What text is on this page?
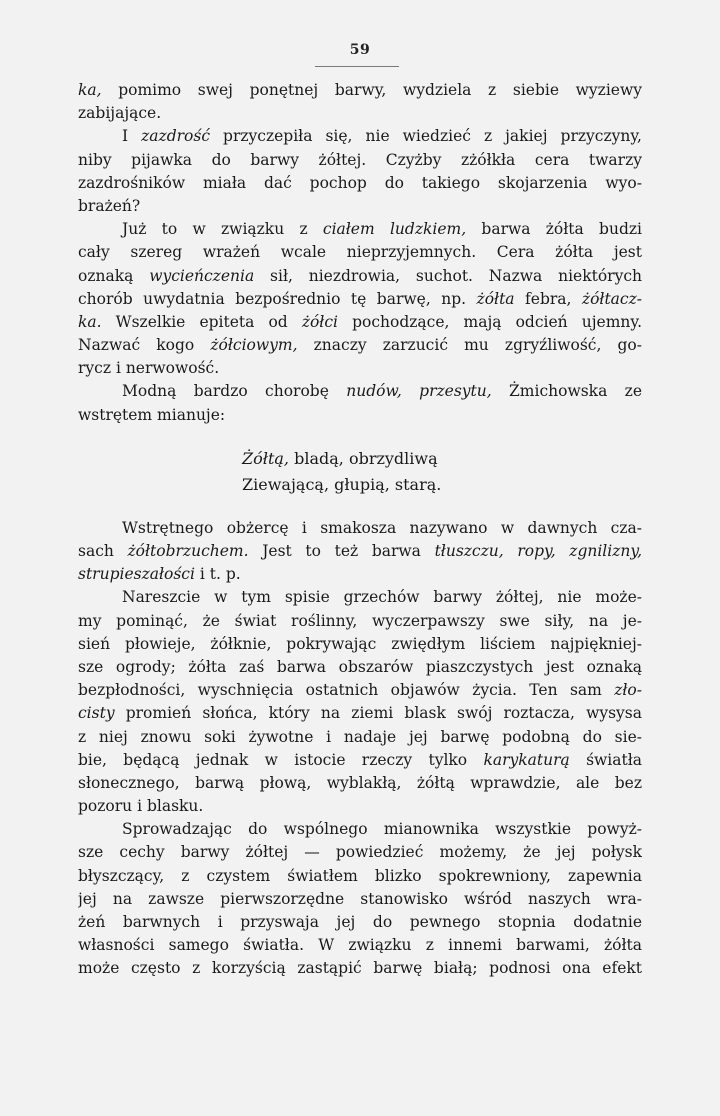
59
ka, pomimo swej ponętnej barwy, wydziela z siebie wyziewy
zabijające.
I zazdrość przyczepiła się, nie wiedzieć z jakiej przyczyny,
niby pijawka do barwy żółtej. Czyżby zżółkła cera twarzy
zazdrośników miała dać pochop do takiego skojarzenia wyo-
brażeń?
Już to w związku z ciałem ludzkiem, barwa żółta budzi
cały szereg wrażeń wcale nieprzyjemnych. Cera żółta jest
oznaką wycieńczenia sił, niezdrowia, suchot. Nazwa niektórych
chorób uwydatnia bezpośrednio tę barwę, np. żółta febra, żółtacz-
ka. Wszelkie epiteta od żółci pochodzące, mają odcień ujemny.
Nazwać kogo żółciowym, znaczy zarzucić mu zgryźliwość, go-
rycz i nerwowość.
Modną bardzo chorobę nudów, przesytu, Żmichowska ze
wstrętem mianuje:
Żółtą, bladą, obrzydliwą
Ziewającą, głupią, starą.
Wstrętnego obżercę i smakosza nazywano w dawnych cza-
sach żółtobrzuchem. Jest to też barwa tłuszczu, ropy, zgnilizny,
strupieszałości i t. p.
Nareszcie w tym spisie grzechów barwy żółtej, nie może-
my pominąć, że świat roślinny, wyczerpawszy swe siły, na je-
sień płowieje, żółknie, pokrywając zwiędłym liściem najpiękniej-
sze ogrody; żółta zaś barwa obszarów piaszczystych jest oznaką
bezpłodności, wyschnięcia ostatnich objawów życia. Ten sam zło-
cisty promień słońca, który na ziemi blask swój roztacza, wysysa
z niej znowu soki żywotne i nadaje jej barwę podobną do sie-
bie, będącą jednak w istocie rzeczy tylko karykaturą światła
słonecznego, barwą płową, wyblakłą, żółtą wprawdzie, ale bez
pozoru i blasku.
Sprowadzając do wspólnego mianownika wszystkie powyż-
sze cechy barwy żółtej — powiedzieć możemy, że jej połysk
błyszczący, z czystem światłem blizko spokrewniony, zapewnia
jej na zawsze pierwszorzędne stanowisko wśród naszych wra-
żeń barwnych i przyswaja jej do pewnego stopnia dodatnie
własności samego światła. W związku z innemi barwami, żółta
może często z korzyścią zastąpić barwę białą; podnosi ona efekt
